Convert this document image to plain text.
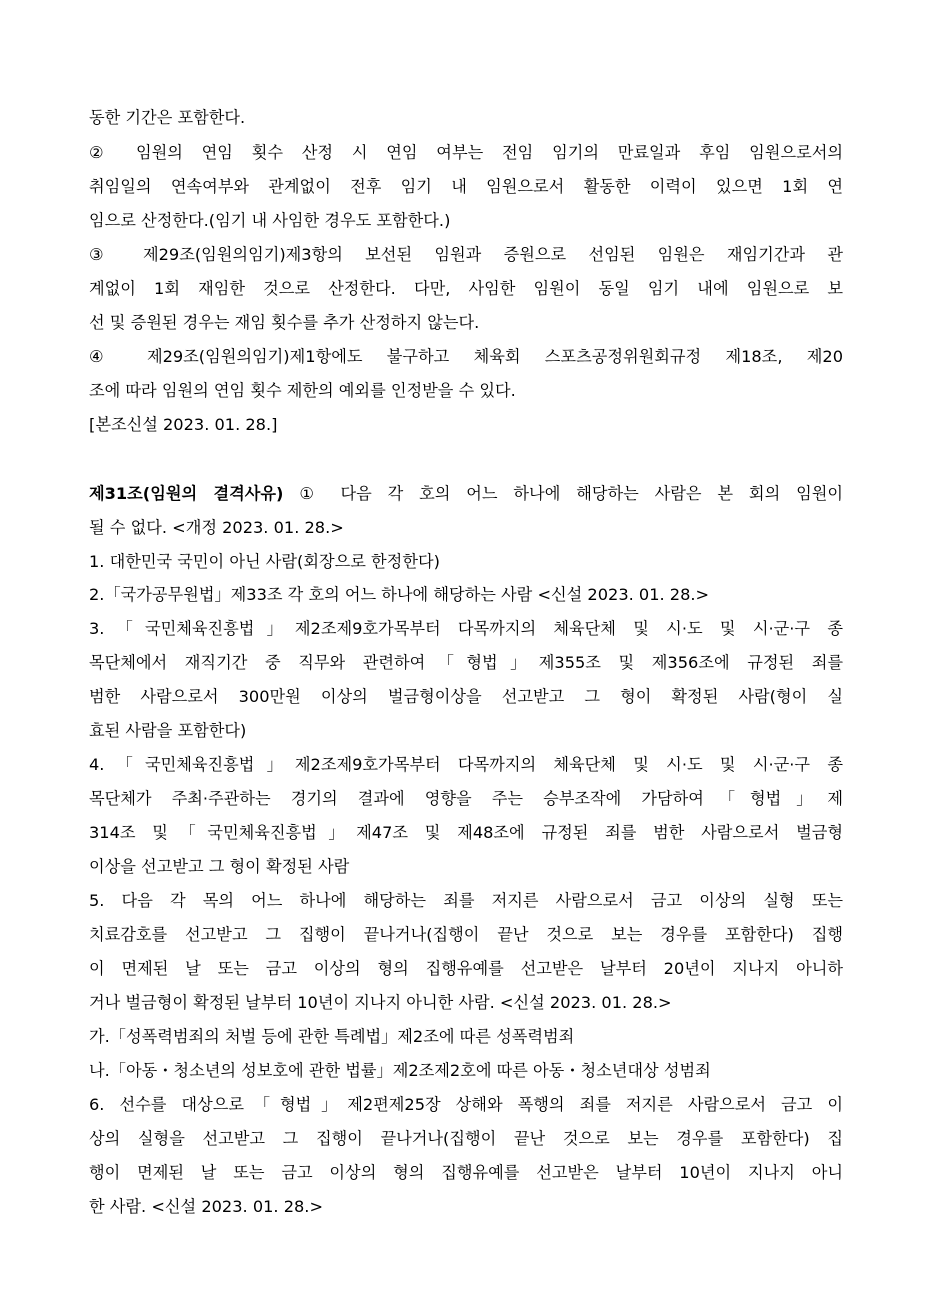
동한 기간은 포함한다.
② 임원의 연임 횟수 산정 시 연임 여부는 전임 임기의 만료일과 후임 임원으로서의
취임일의 연속여부와 관계없이 전후 임기 내 임원으로서 활동한 이력이 있으면 1회 연
임으로 산정한다.(임기 내 사임한 경우도 포함한다.)
③ 제29조(임원의임기)제3항의 보선된 임원과 증원으로 선임된 임원은 재임기간과 관
계없이 1회 재임한 것으로 산정한다. 다만, 사임한 임원이 동일 임기 내에 임원으로 보
선 및 증원된 경우는 재임 횟수를 추가 산정하지 않는다.
④ 제29조(임원의임기)제1항에도 불구하고 체육회 스포츠공정위원회규정 제18조, 제20
조에 따라 임원의 연임 횟수 제한의 예외를 인정받을 수 있다.
[본조신설 2023. 01. 28.]
제31조(임원의 결격사유) ① 다음 각 호의 어느 하나에 해당하는 사람은 본 회의 임원이
될 수 없다. <개정 2023. 01. 28.>
1. 대한민국 국민이 아닌 사람(회장으로 한정한다)
2.「국가공무원법」제33조 각 호의 어느 하나에 해당하는 사람 <신설 2023. 01. 28.>
3.「국민체육진흥법」제2조제9호가목부터 다목까지의 체육단체 및 시·도 및 시·군·구 종
목단체에서 재직기간 중 직무와 관련하여「형법」제355조 및 제356조에 규정된 죄를
범한 사람으로서 300만원 이상의 벌금형이상을 선고받고 그 형이 확정된 사람(형이 실
효된 사람을 포함한다)
4.「국민체육진흥법」제2조제9호가목부터 다목까지의 체육단체 및 시·도 및 시·군·구 종
목단체가 주최·주관하는 경기의 결과에 영향을 주는 승부조작에 가담하여「형법」제
314조 및「국민체육진흥법」제47조 및 제48조에 규정된 죄를 범한 사람으로서 벌금형
이상을 선고받고 그 형이 확정된 사람
5. 다음 각 목의 어느 하나에 해당하는 죄를 저지른 사람으로서 금고 이상의 실형 또는
치료감호를 선고받고 그 집행이 끝나거나(집행이 끝난 것으로 보는 경우를 포함한다) 집행
이 면제된 날 또는 금고 이상의 형의 집행유예를 선고받은 날부터 20년이 지나지 아니하
거나 벌금형이 확정된 날부터 10년이 지나지 아니한 사람. <신설 2023. 01. 28.>
가.「성폭력범죄의 처벌 등에 관한 특례법」제2조에 따른 성폭력범죄
나.「아동・청소년의 성보호에 관한 법률」제2조제2호에 따른 아동・청소년대상 성범죄
6. 선수를 대상으로「형법」제2편제25장 상해와 폭행의 죄를 저지른 사람으로서 금고 이
상의 실형을 선고받고 그 집행이 끝나거나(집행이 끝난 것으로 보는 경우를 포함한다) 집
행이 면제된 날 또는 금고 이상의 형의 집행유예를 선고받은 날부터 10년이 지나지 아니
한 사람. <신설 2023. 01. 28.>
